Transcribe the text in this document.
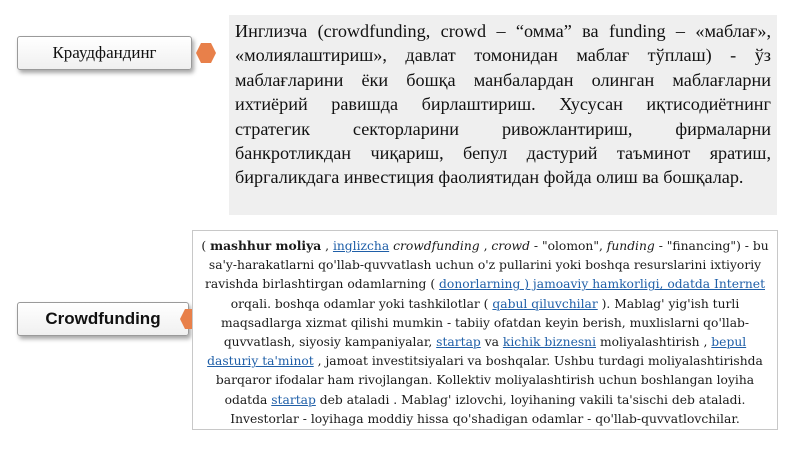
Краудфандинг

Инглизча (crowdfunding, crowd – “омма” ва funding – «маблағ», «молиялаштириш», давлат томонидан маблағ тўплаш) - ўз маблағларини ёки бошқа манбалардан олинган маблағларни ихтиёрий равишда бирлаштириш. Хусусан иқтисодиётнинг стратегик секторларини ривожлантириш, фирмаларни банкротликдан чиқариш, бепул дастурий таъминот яратиш, биргаликдага инвестиция фаолиятидан фойда олиш ва бошқалар.

Crowdfunding

( mashhur moliya , inglizcha crowdfunding , crowd - "olomon", funding - "financing") - bu sa'y-harakatlarni qo'llab-quvvatlash uchun o'z pullarini yoki boshqa resurslarini ixtiyoriy ravishda birlashtirgan odamlarning ( donorlarning ) jamoaviy hamkorligi, odatda Internet orqali. boshqa odamlar yoki tashkilotlar ( qabul qiluvchilar ). Mablag' yig'ish turli maqsadlarga xizmat qilishi mumkin - tabiiy ofatdan keyin berish, muxlislarni qo'llab-quvvatlash, siyosiy kampaniyalar, startap va kichik biznesni moliyalashtirish , bepul dasturiy ta'minot , jamoat investitsiyalari va boshqalar. Ushbu turdagi moliyalashtirishda barqaror ifodalar ham rivojlangan. Kollektiv moliyalashtirish uchun boshlangan loyiha odatda startap deb ataladi . Mablag' izlovchi, loyihaning vakili ta'sischi deb ataladi. Investorlar - loyihaga moddiy hissa qo'shadigan odamlar - qo'llab-quvvatlovchilar.
